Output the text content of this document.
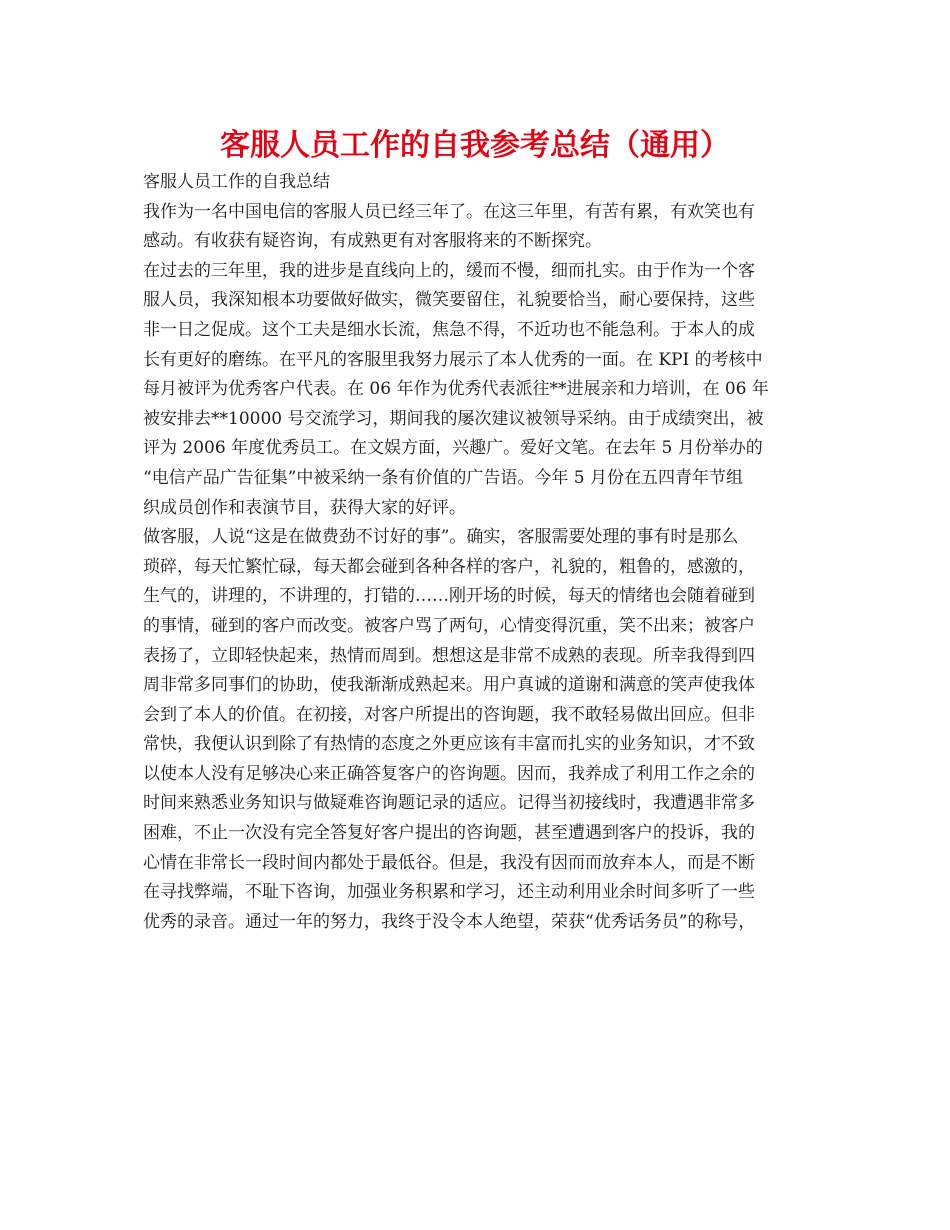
客服人员工作的自我参考总结（通用）
客服人员工作的自我总结

我作为一名中国电信的客服人员已经三年了。在这三年里，有苦有累，有欢笑也有
感动。有收获有疑咨询，有成熟更有对客服将来的不断探究。

在过去的三年里，我的进步是直线向上的，缓而不慢，细而扎实。由于作为一个客
服人员，我深知根本功要做好做实，微笑要留住，礼貌要恰当，耐心要保持，这些
非一日之促成。这个工夫是细水长流，焦急不得，不近功也不能急利。于本人的成
长有更好的磨练。在平凡的客服里我努力展示了本人优秀的一面。在 KPI 的考核中
每月被评为优秀客户代表。在 06 年作为优秀代表派往**进展亲和力培训，在 06 年
被安排去**10000 号交流学习，期间我的屡次建议被领导采纳。由于成绩突出，被
评为 2006 年度优秀员工。在文娱方面，兴趣广。爱好文笔。在去年 5 月份举办的
“电信产品广告征集”中被采纳一条有价值的广告语。今年 5 月份在五四青年节组
织成员创作和表演节目，获得大家的好评。

做客服，人说“这是在做费劲不讨好的事”。确实，客服需要处理的事有时是那么
琐碎，每天忙繁忙碌，每天都会碰到各种各样的客户，礼貌的，粗鲁的，感激的，
生气的，讲理的，不讲理的，打错的……刚开场的时候，每天的情绪也会随着碰到
的事情，碰到的客户而改变。被客户骂了两句，心情变得沉重，笑不出来；被客户
表扬了，立即轻快起来，热情而周到。想想这是非常不成熟的表现。所幸我得到四
周非常多同事们的协助，使我渐渐成熟起来。用户真诚的道谢和满意的笑声使我体
会到了本人的价值。在初接，对客户所提出的咨询题，我不敢轻易做出回应。但非
常快，我便认识到除了有热情的态度之外更应该有丰富而扎实的业务知识，才不致
以使本人没有足够决心来正确答复客户的咨询题。因而，我养成了利用工作之余的
时间来熟悉业务知识与做疑难咨询题记录的适应。记得当初接线时，我遭遇非常多
困难，不止一次没有完全答复好客户提出的咨询题，甚至遭遇到客户的投诉，我的
心情在非常长一段时间内都处于最低谷。但是，我没有因而而放弃本人，而是不断
在寻找弊端，不耻下咨询，加强业务积累和学习，还主动利用业余时间多听了一些
优秀的录音。通过一年的努力，我终于没令本人绝望，荣获“优秀话务员”的称号，
